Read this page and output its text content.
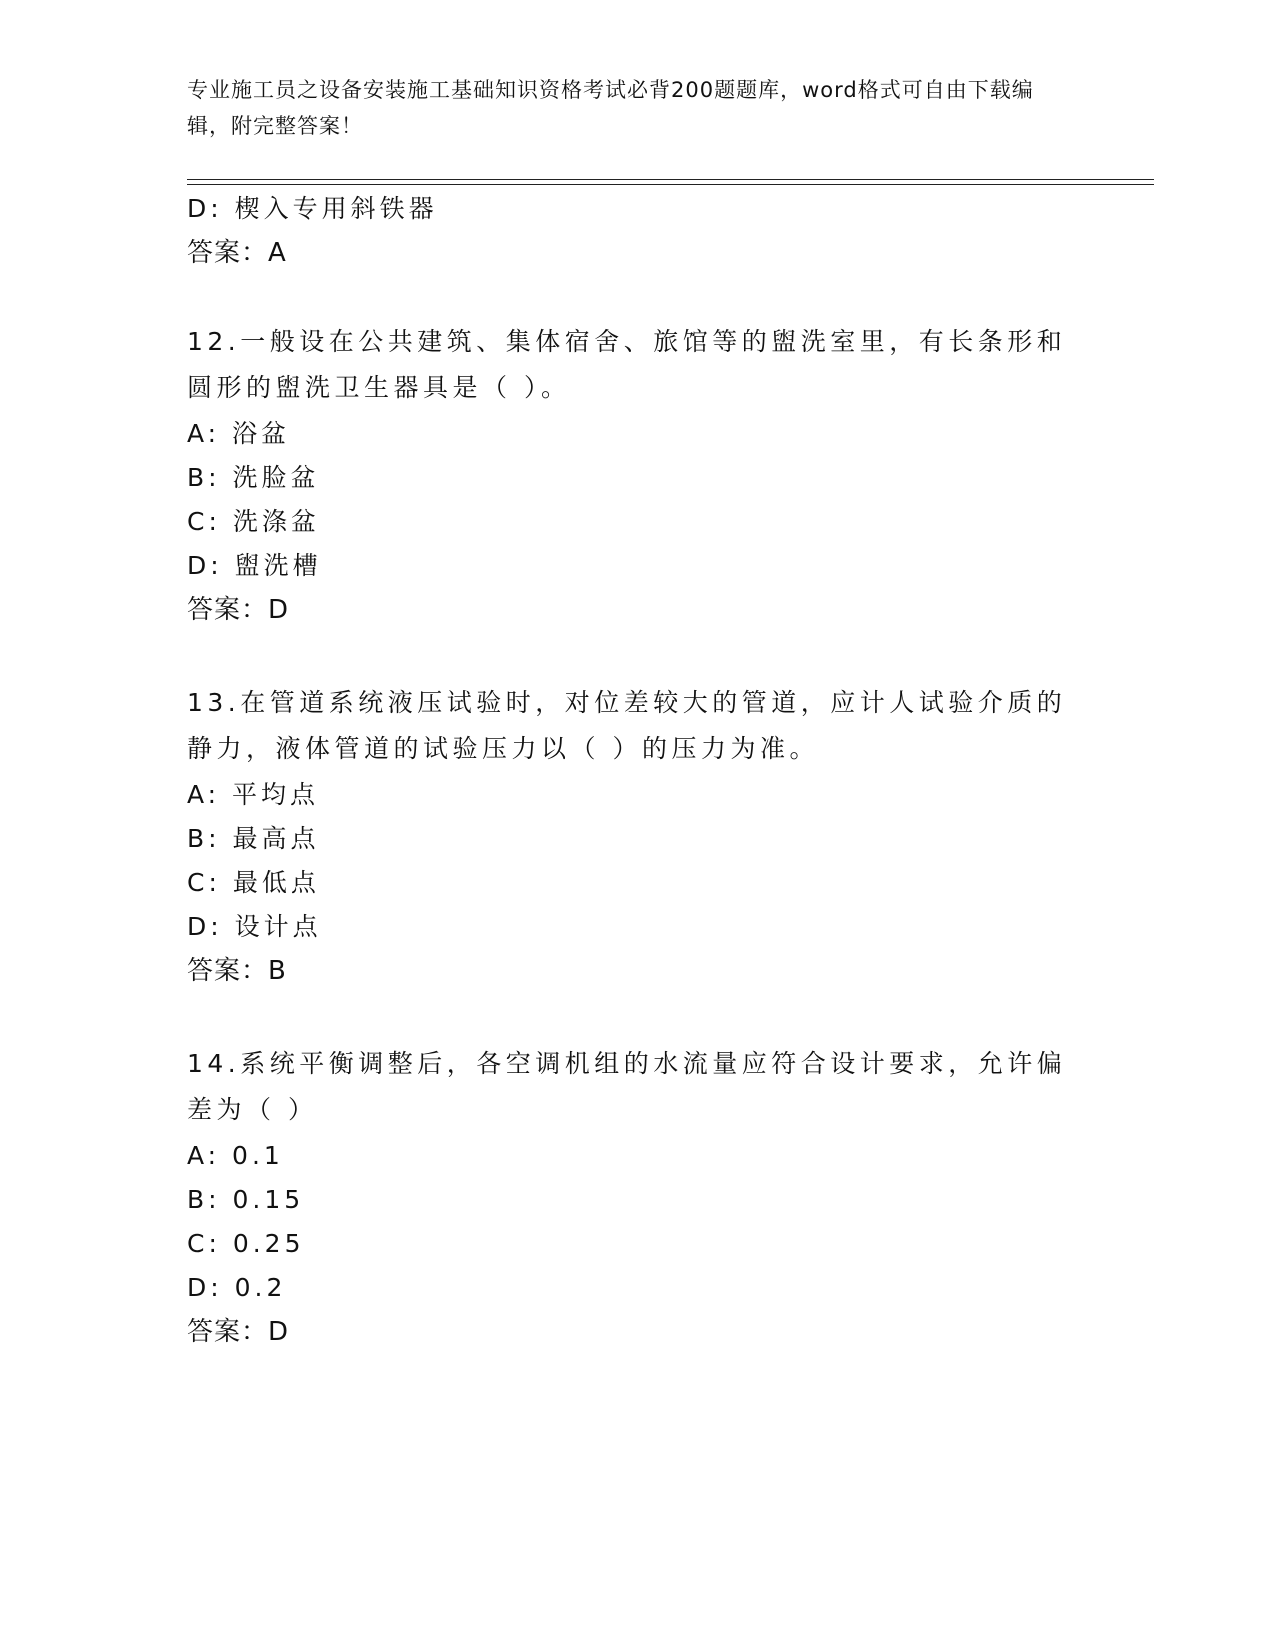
专业施工员之设备安装施工基础知识资格考试必背200题题库，word格式可自由下载编辑，附完整答案！
D: 楔入专用斜铁器
答案：A
12.一般设在公共建筑、集体宿舍、旅馆等的盥洗室里，有长条形和圆形的盥洗卫生器具是（ ）。
A: 浴盆
B: 洗脸盆
C: 洗涤盆
D: 盥洗槽
答案：D
13.在管道系统液压试验时，对位差较大的管道，应计人试验介质的静力，液体管道的试验压力以（ ）的压力为准。
A: 平均点
B: 最高点
C: 最低点
D: 设计点
答案：B
14.系统平衡调整后，各空调机组的水流量应符合设计要求，允许偏差为（ ）
A: 0.1
B: 0.15
C: 0.25
D: 0.2
答案：D
